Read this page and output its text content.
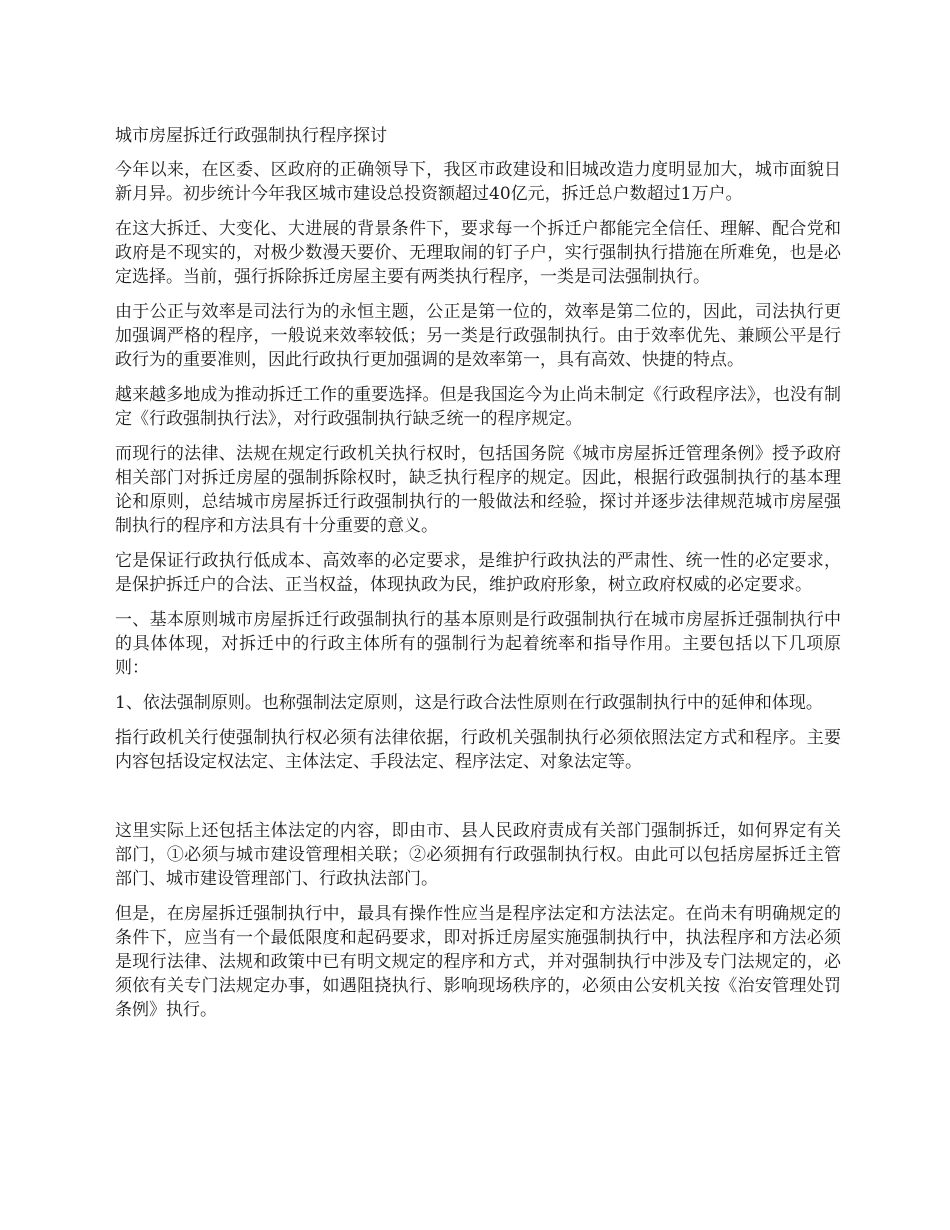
城市房屋拆迁行政强制执行程序探讨

今年以来，在区委、区政府的正确领导下，我区市政建设和旧城改造力度明显加大，城市面貌日新月异。初步统计今年我区城市建设总投资额超过40亿元，拆迁总户数超过1万户。

在这大拆迁、大变化、大进展的背景条件下，要求每一个拆迁户都能完全信任、理解、配合党和政府是不现实的，对极少数漫天要价、无理取闹的钉子户，实行强制执行措施在所难免，也是必定选择。当前，强行拆除拆迁房屋主要有两类执行程序，一类是司法强制执行。

由于公正与效率是司法行为的永恒主题，公正是第一位的，效率是第二位的，因此，司法执行更加强调严格的程序，一般说来效率较低；另一类是行政强制执行。由于效率优先、兼顾公平是行政行为的重要准则，因此行政执行更加强调的是效率第一，具有高效、快捷的特点。

越来越多地成为推动拆迁工作的重要选择。但是我国迄今为止尚未制定《行政程序法》，也没有制定《行政强制执行法》，对行政强制执行缺乏统一的程序规定。

而现行的法律、法规在规定行政机关执行权时，包括国务院《城市房屋拆迁管理条例》授予政府相关部门对拆迁房屋的强制拆除权时，缺乏执行程序的规定。因此，根据行政强制执行的基本理论和原则，总结城市房屋拆迁行政强制执行的一般做法和经验，探讨并逐步法律规范城市房屋强制执行的程序和方法具有十分重要的意义。

它是保证行政执行低成本、高效率的必定要求，是维护行政执法的严肃性、统一性的必定要求，是保护拆迁户的合法、正当权益，体现执政为民，维护政府形象，树立政府权威的必定要求。

一、基本原则城市房屋拆迁行政强制执行的基本原则是行政强制执行在城市房屋拆迁强制执行中的具体体现，对拆迁中的行政主体所有的强制行为起着统率和指导作用。主要包括以下几项原则：

1、依法强制原则。也称强制法定原则，这是行政合法性原则在行政强制执行中的延伸和体现。

指行政机关行使强制执行权必须有法律依据，行政机关强制执行必须依照法定方式和程序。主要内容包括设定权法定、主体法定、手段法定、程序法定、对象法定等。

这里实际上还包括主体法定的内容，即由市、县人民政府责成有关部门强制拆迁，如何界定有关部门，①必须与城市建设管理相关联；②必须拥有行政强制执行权。由此可以包括房屋拆迁主管部门、城市建设管理部门、行政执法部门。

但是，在房屋拆迁强制执行中，最具有操作性应当是程序法定和方法法定。在尚未有明确规定的条件下，应当有一个最低限度和起码要求，即对拆迁房屋实施强制执行中，执法程序和方法必须是现行法律、法规和政策中已有明文规定的程序和方式，并对强制执行中涉及专门法规定的，必须依有关专门法规定办事，如遇阻挠执行、影响现场秩序的，必须由公安机关按《治安管理处罚条例》执行。
